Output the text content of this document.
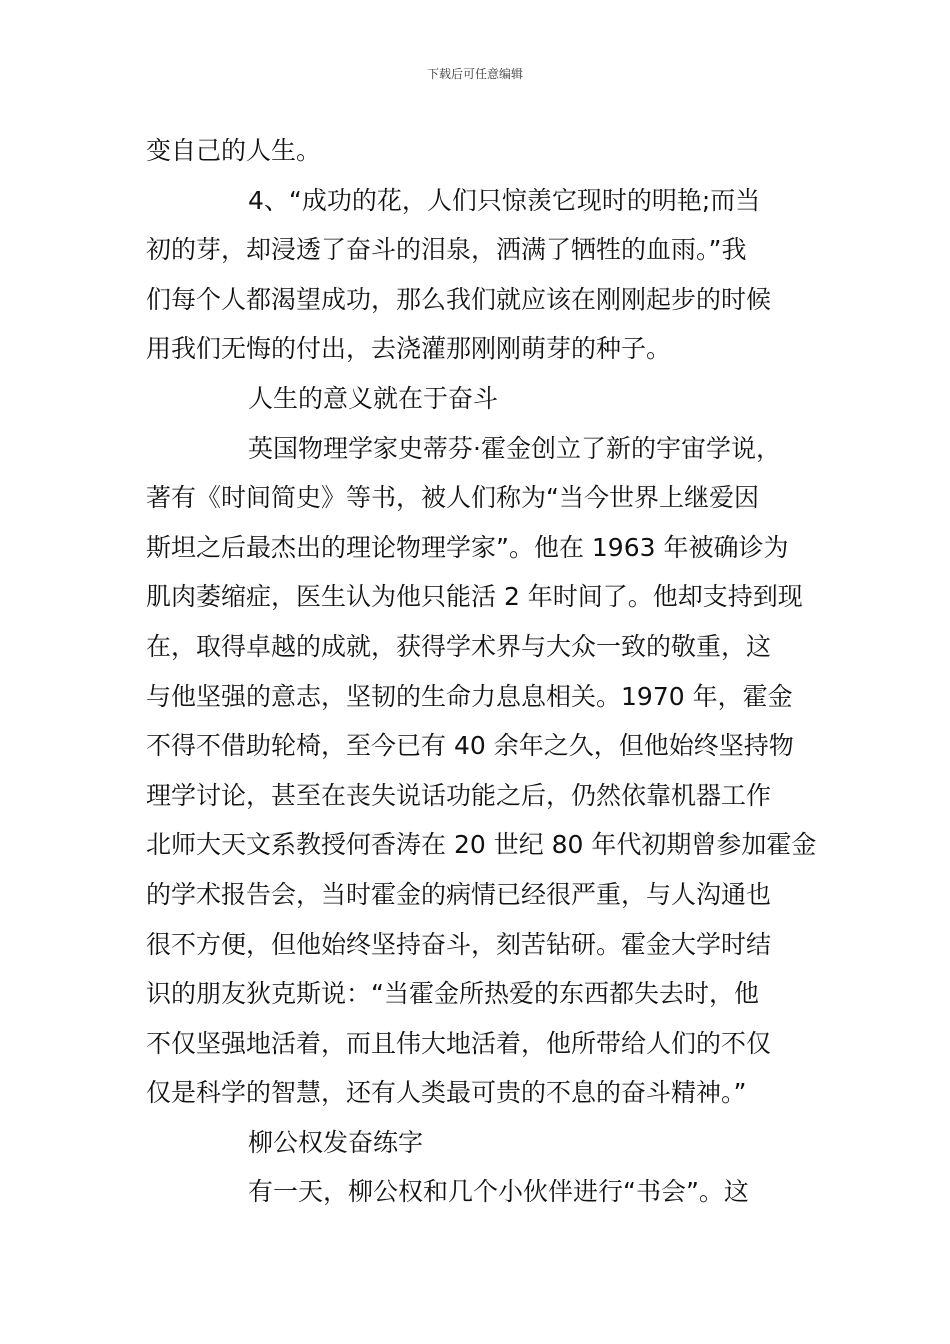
下载后可任意编辑
变自己的人生。
4、“成功的花，人们只惊羡它现时的明艳;而当
初的芽，却浸透了奋斗的泪泉，洒满了牺牲的血雨。”我
们每个人都渴望成功，那么我们就应该在刚刚起步的时候
用我们无悔的付出，去浇灌那刚刚萌芽的种子。
人生的意义就在于奋斗
英国物理学家史蒂芬·霍金创立了新的宇宙学说，
著有《时间简史》等书，被人们称为“当今世界上继爱因
斯坦之后最杰出的理论物理学家”。他在 1963 年被确诊为
肌肉萎缩症，医生认为他只能活 2 年时间了。他却支持到现
在，取得卓越的成就，获得学术界与大众一致的敬重，这
与他坚强的意志，坚韧的生命力息息相关。1970 年，霍金
不得不借助轮椅，至今已有 40 余年之久，但他始终坚持物
理学讨论，甚至在丧失说话功能之后，仍然依靠机器工作
北师大天文系教授何香涛在 20 世纪 80 年代初期曾参加霍金
的学术报告会，当时霍金的病情已经很严重，与人沟通也
很不方便，但他始终坚持奋斗，刻苦钻研。霍金大学时结
识的朋友狄克斯说：“当霍金所热爱的东西都失去时，他
不仅坚强地活着，而且伟大地活着，他所带给人们的不仅
仅是科学的智慧，还有人类最可贵的不息的奋斗精神。”
柳公权发奋练字
有一天，柳公权和几个小伙伴进行“书会”。这
